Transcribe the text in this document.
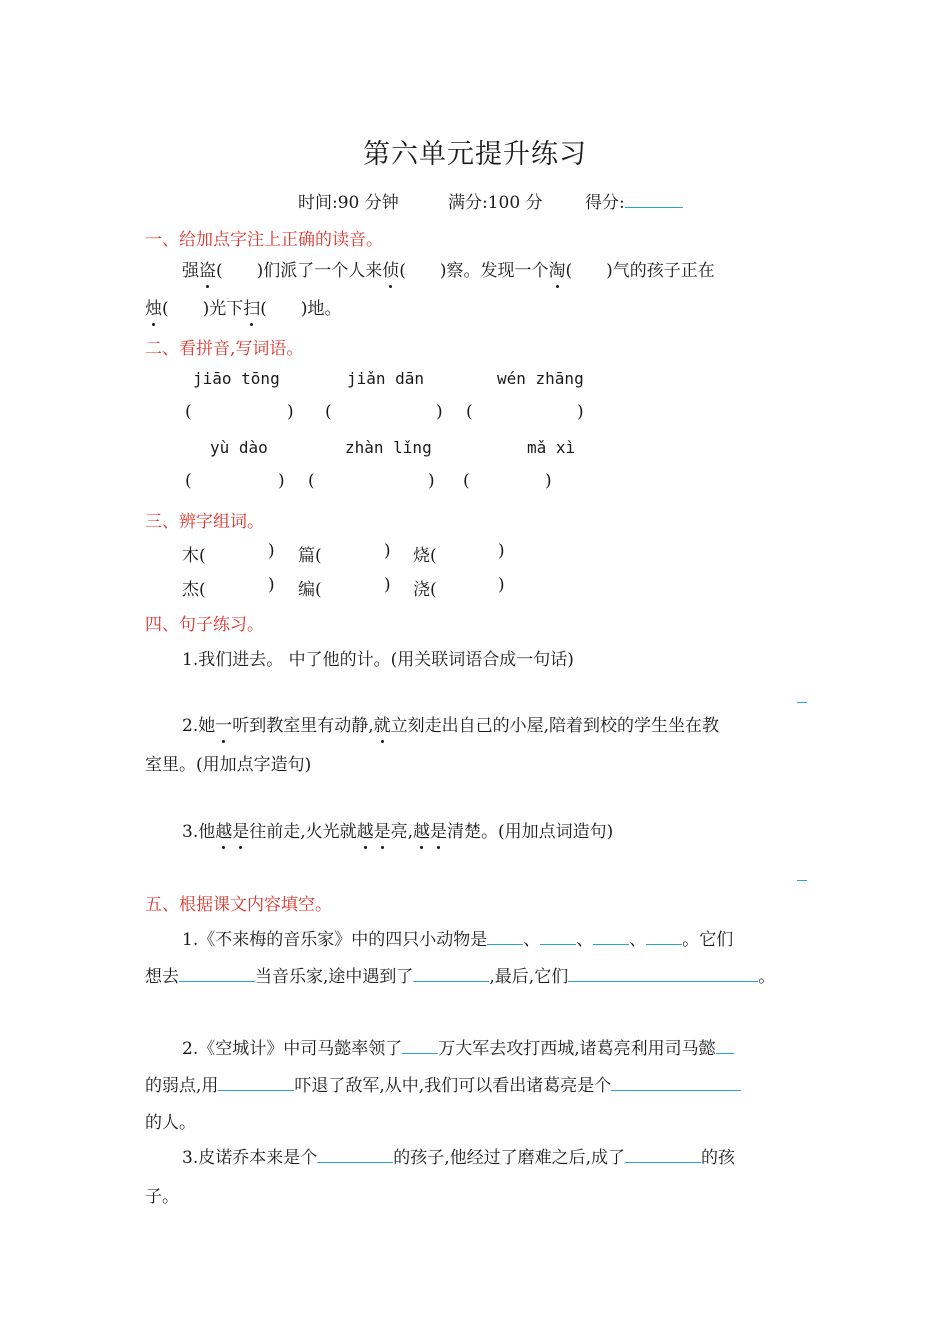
第六单元提升练习
时间:90 分钟	满分:100 分 得分:
一、给加点字注上正确的读音。
强盗(　　)们派了一个人来侦(　　)察。发现一个淘(　　)气的孩子正在
烛(　　)光下扫(　　)地。
二、看拼音,写词语。
jiāo tōng	jiǎn dān	wén zhāng
(	) (	) (	)
yù dào	zhàn lǐng	mǎ xì
(	) (	) (	)
三、辨字组词。
木(	) 篇(	) 烧(	)
杰(	) 编(	) 浇(	)
四、句子练习。
1.我们进去。 中了他的计。(用关联词语合成一句话)
2.她一听到教室里有动静,就立刻走出自己的小屋,陪着到校的学生坐在教
室里。(用加点字造句)
3.他越是往前走,火光就越是亮,越是清楚。(用加点词造句)
五、根据课文内容填空。
1.《不来梅的音乐家》中的四只小动物是 、 、 、 。它们
想去	当音乐家,途中遇到了	,最后,它们	。
2.《空城计》中司马懿率领了 万大军去攻打西城,诸葛亮利用司马懿
的弱点,用	吓退了敌军,从中,我们可以看出诸葛亮是个
的人。
3.皮诺乔本来是个	的孩子,他经过了磨难之后,成了	的孩
子。
